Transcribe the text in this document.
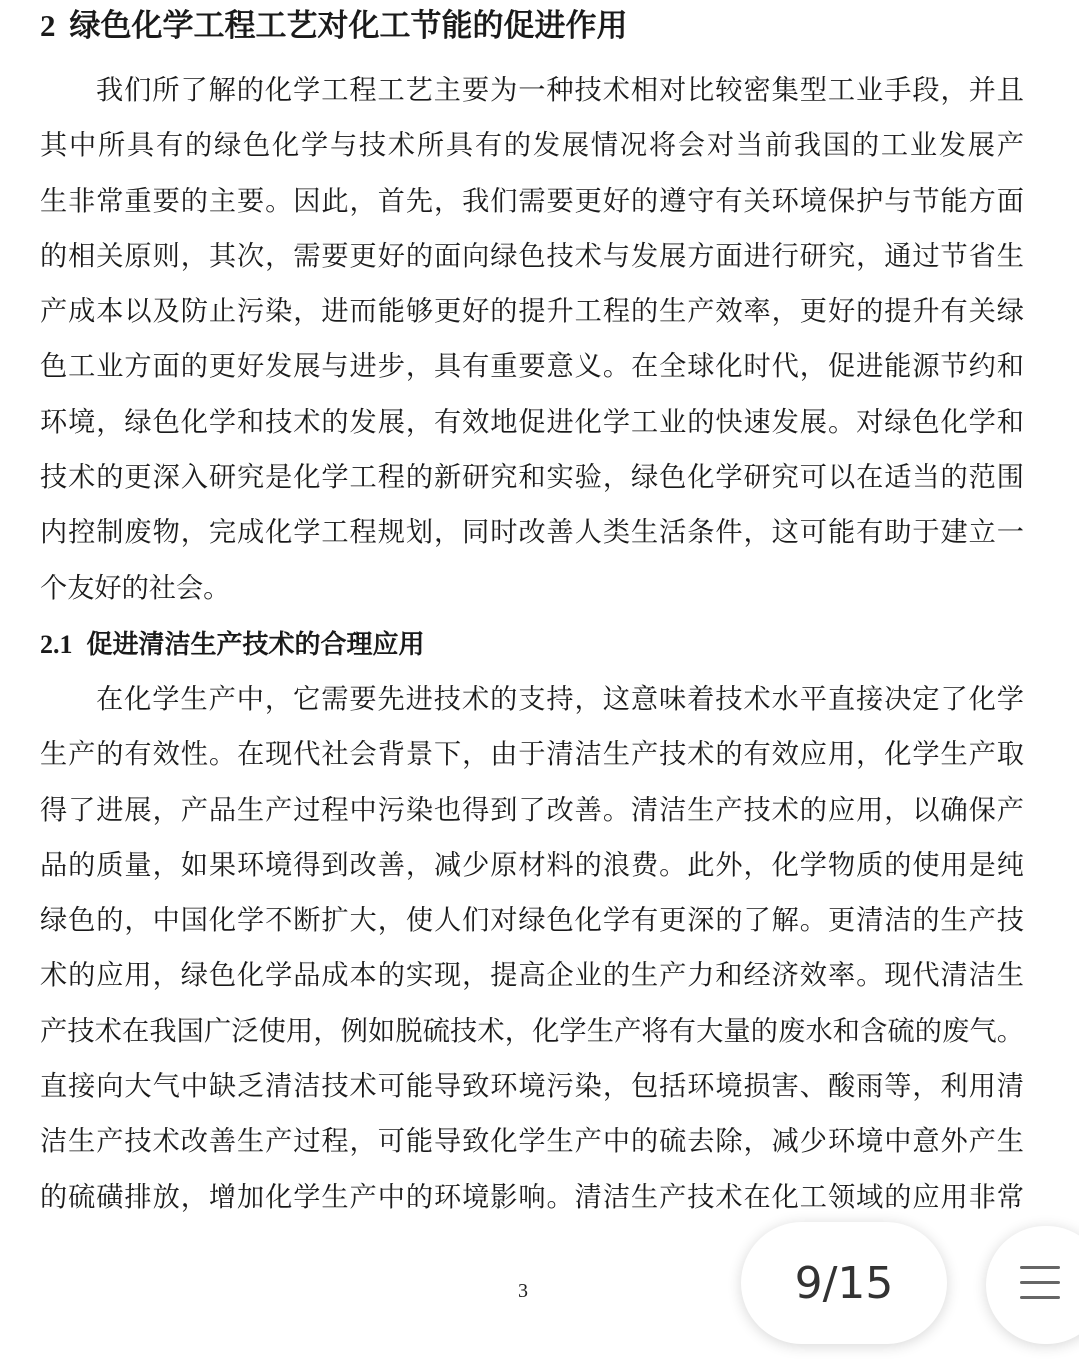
2 绿色化学工程工艺对化工节能的促进作用
我们所了解的化学工程工艺主要为一种技术相对比较密集型工业手段，并且
其中所具有的绿色化学与技术所具有的发展情况将会对当前我国的工业发展产
生非常重要的主要。因此，首先，我们需要更好的遵守有关环境保护与节能方面
的相关原则，其次，需要更好的面向绿色技术与发展方面进行研究，通过节省生
产成本以及防止污染，进而能够更好的提升工程的生产效率，更好的提升有关绿
色工业方面的更好发展与进步，具有重要意义。在全球化时代，促进能源节约和
环境，绿色化学和技术的发展，有效地促进化学工业的快速发展。对绿色化学和
技术的更深入研究是化学工程的新研究和实验，绿色化学研究可以在适当的范围
内控制废物，完成化学工程规划，同时改善人类生活条件，这可能有助于建立一
个友好的社会。
2.1 促进清洁生产技术的合理应用
在化学生产中，它需要先进技术的支持，这意味着技术水平直接决定了化学
生产的有效性。在现代社会背景下，由于清洁生产技术的有效应用，化学生产取
得了进展，产品生产过程中污染也得到了改善。清洁生产技术的应用，以确保产
品的质量，如果环境得到改善，减少原材料的浪费。此外，化学物质的使用是纯
绿色的，中国化学不断扩大，使人们对绿色化学有更深的了解。更清洁的生产技
术的应用，绿色化学品成本的实现，提高企业的生产力和经济效率。现代清洁生
产技术在我国广泛使用，例如脱硫技术，化学生产将有大量的废水和含硫的废气。
直接向大气中缺乏清洁技术可能导致环境污染，包括环境损害、酸雨等，利用清
洁生产技术改善生产过程，可能导致化学生产中的硫去除，减少环境中意外产生
的硫磺排放，增加化学生产中的环境影响。清洁生产技术在化工领域的应用非常
3	9/15
